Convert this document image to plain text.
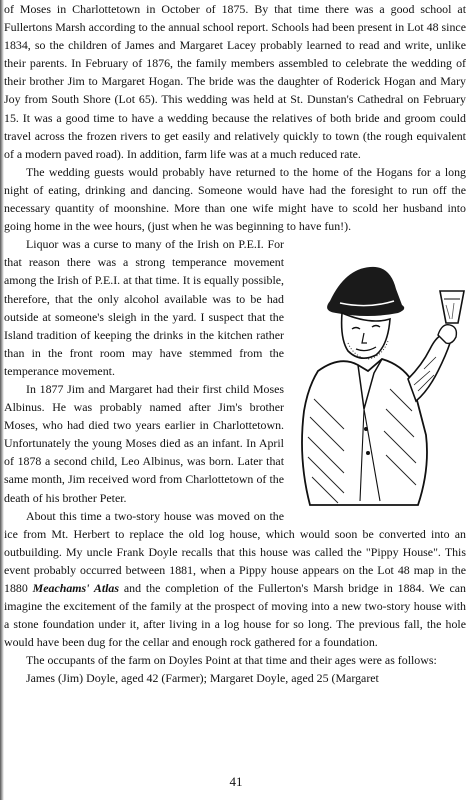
of Moses in Charlottetown in October of 1875. By that time there was a good school at Fullertons Marsh according to the annual school report. Schools had been present in Lot 48 since 1834, so the children of James and Margaret Lacey probably learned to read and write, unlike their parents. In February of 1876, the family members assembled to celebrate the wedding of their brother Jim to Margaret Hogan. The bride was the daughter of Roderick Hogan and Mary Joy from South Shore (Lot 65). This wedding was held at St. Dunstan's Cathedral on February 15. It was a good time to have a wedding because the relatives of both bride and groom could travel across the frozen rivers to get easily and relatively quickly to town (the rough equivalent of a modern paved road). In addition, farm life was at a much reduced rate.

The wedding guests would probably have returned to the home of the Hogans for a long night of eating, drinking and dancing. Someone would have had the foresight to run off the necessary quantity of moonshine. More than one wife might have to scold her husband into going home in the wee hours, (just when he was beginning to have fun!).

Liquor was a curse to many of the Irish on P.E.I. For that reason there was a strong temperance movement among the Irish of P.E.I. at that time. It is equally possible, therefore, that the only alcohol available was to be had outside at someone's sleigh in the yard. I suspect that the Island tradition of keeping the drinks in the kitchen rather than in the front room may have stemmed from the temperance movement.

In 1877 Jim and Margaret had their first child Moses Albinus. He was probably named after Jim's brother Moses, who had died two years earlier in Charlottetown. Unfortunately the young Moses died as an infant. In April of 1878 a second child, Leo Albinus, was born. Later that same month, Jim received word from Charlottetown of the death of his brother Peter.

About this time a two-story house was moved on the ice from Mt. Herbert to replace the old log house, which would soon be converted into an outbuilding. My uncle Frank Doyle recalls that this house was called the "Pippy House". This event probably occurred between 1881, when a Pippy house appears on the Lot 48 map in the 1880 Meachams' Atlas and the completion of the Fullerton's Marsh bridge in 1884. We can imagine the excitement of the family at the prospect of moving into a new two-story house with a stone foundation under it, after living in a log house for so long. The previous fall, the hole would have been dug for the cellar and enough rock gathered for a foundation.

The occupants of the farm on Doyles Point at that time and their ages were as follows:

James (Jim) Doyle, aged 42 (Farmer); Margaret Doyle, aged 25 (Margaret

41
